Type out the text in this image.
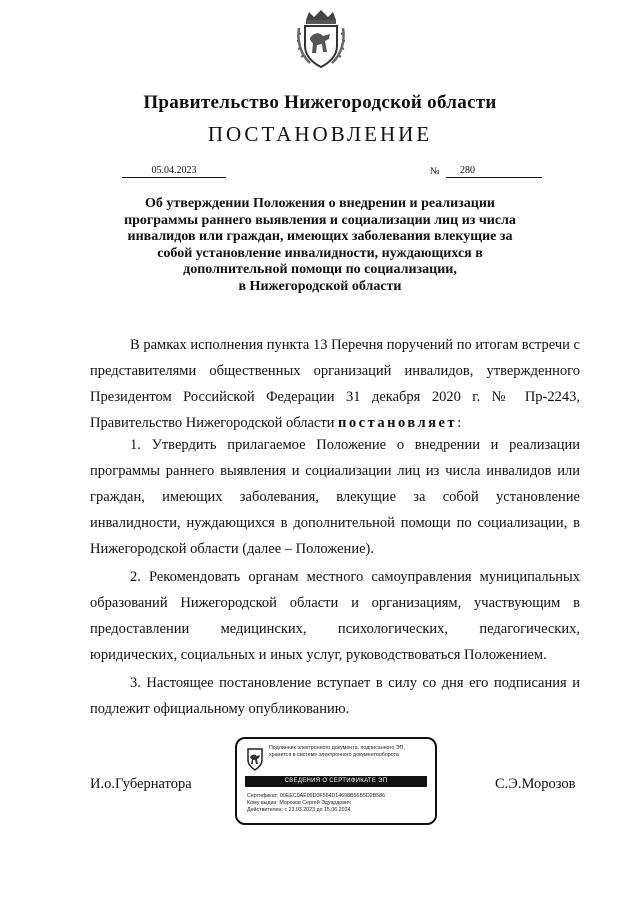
Правительство Нижегородской области
ПОСТАНОВЛЕНИЕ
05.04.2023	№	280
Об утверждении Положения о внедрении и реализации
программы раннего выявления и социализации лиц из числа
инвалидов или граждан, имеющих заболевания влекущие за
собой установление инвалидности, нуждающихся в
дополнительной помощи по социализации,
в Нижегородской области

В рамках исполнения пункта 13 Перечня поручений по итогам встречи с представителями общественных организаций инвалидов, утвержденного Президентом Российской Федерации 31 декабря 2020 г. № Пр-2243, Правительство Нижегородской области постановляет:

1. Утвердить прилагаемое Положение о внедрении и реализации программы раннего выявления и социализации лиц из числа инвалидов или граждан, имеющих заболевания, влекущие за собой установление инвалидности, нуждающихся в дополнительной помощи по социализации, в Нижегородской области (далее – Положение).

2. Рекомендовать органам местного самоуправления муниципальных образований Нижегородской области и организациям, участвующим в предоставлении медицинских, психологических, педагогических, юридических, социальных и иных услуг, руководствоваться Положением.

3. Настоящее постановление вступает в силу со дня его подписания и подлежит официальному опубликованию.

И.о.Губернатора
Подлинник электронного документа, подписанного ЭП,
хранится в системе электронного документооборота
СВЕДЕНИЯ О СЕРТИФИКАТЕ ЭП
Сертификат: 00EEC0AE09D0F564D14698B56B5D2B586
Кому выдан: Морозов Сергей Эдуардович
Действителен: с 23.03.2023 до 15.06.2024
С.Э.Морозов
